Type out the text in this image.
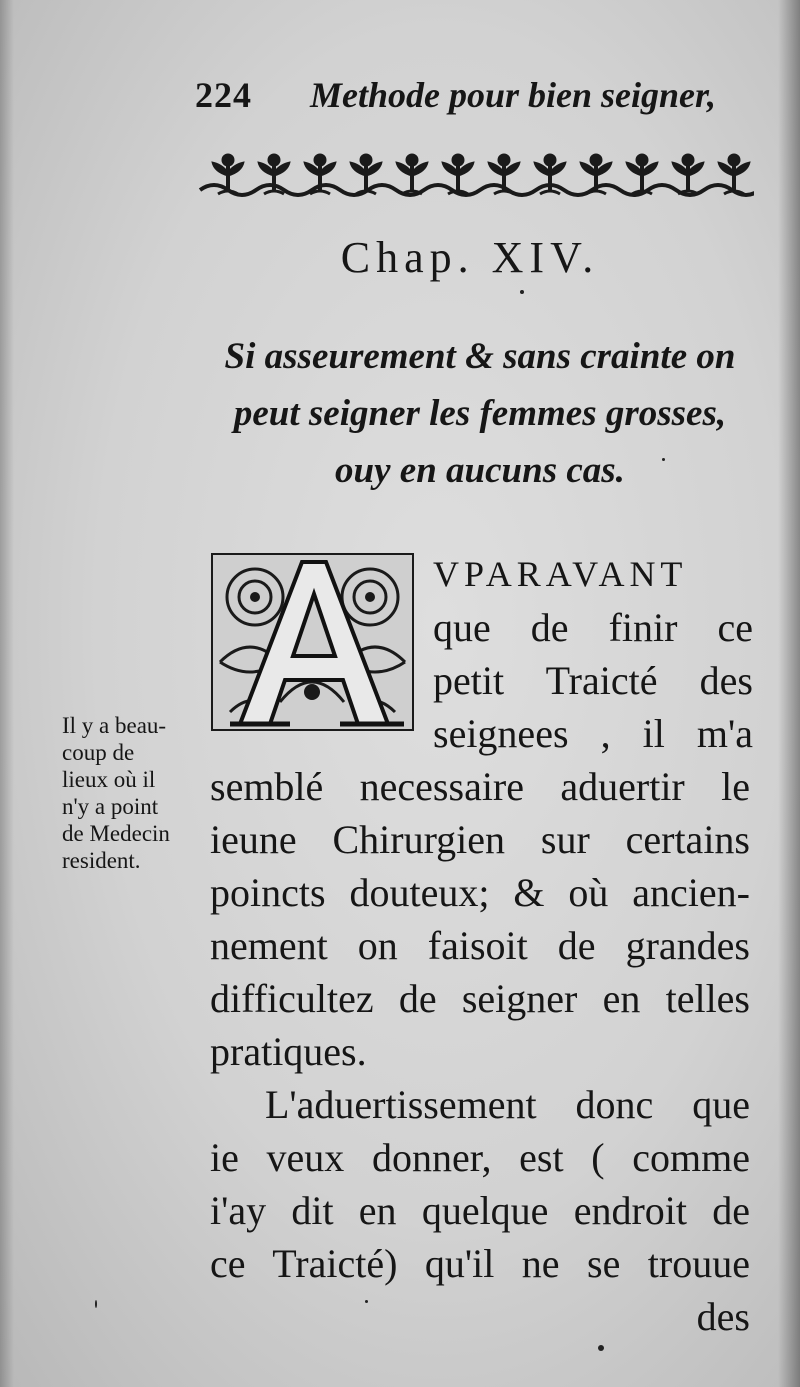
224 Methode pour bien seigner,
Chap. XIV.
Si asseurement & sans crainte on
peut seigner les femmes grosses,
ouy en aucuns cas.
VPARAVANT
que de finir ce
petit Traicté des
seignees , il m'a
Il y a beau-
coup de
lieux où il
n'y a point
de Medecin
resident.
semblé necessaire aduertir le
ieune Chirurgien sur certains
poincts douteux; & où ancien-
nement on faisoit de grandes
difficultez de seigner en telles
pratiques.
L'aduertissement donc que
ie veux donner, est ( comme
i'ay dit en quelque endroit de
ce Traicté) qu'il ne se trouue
des
